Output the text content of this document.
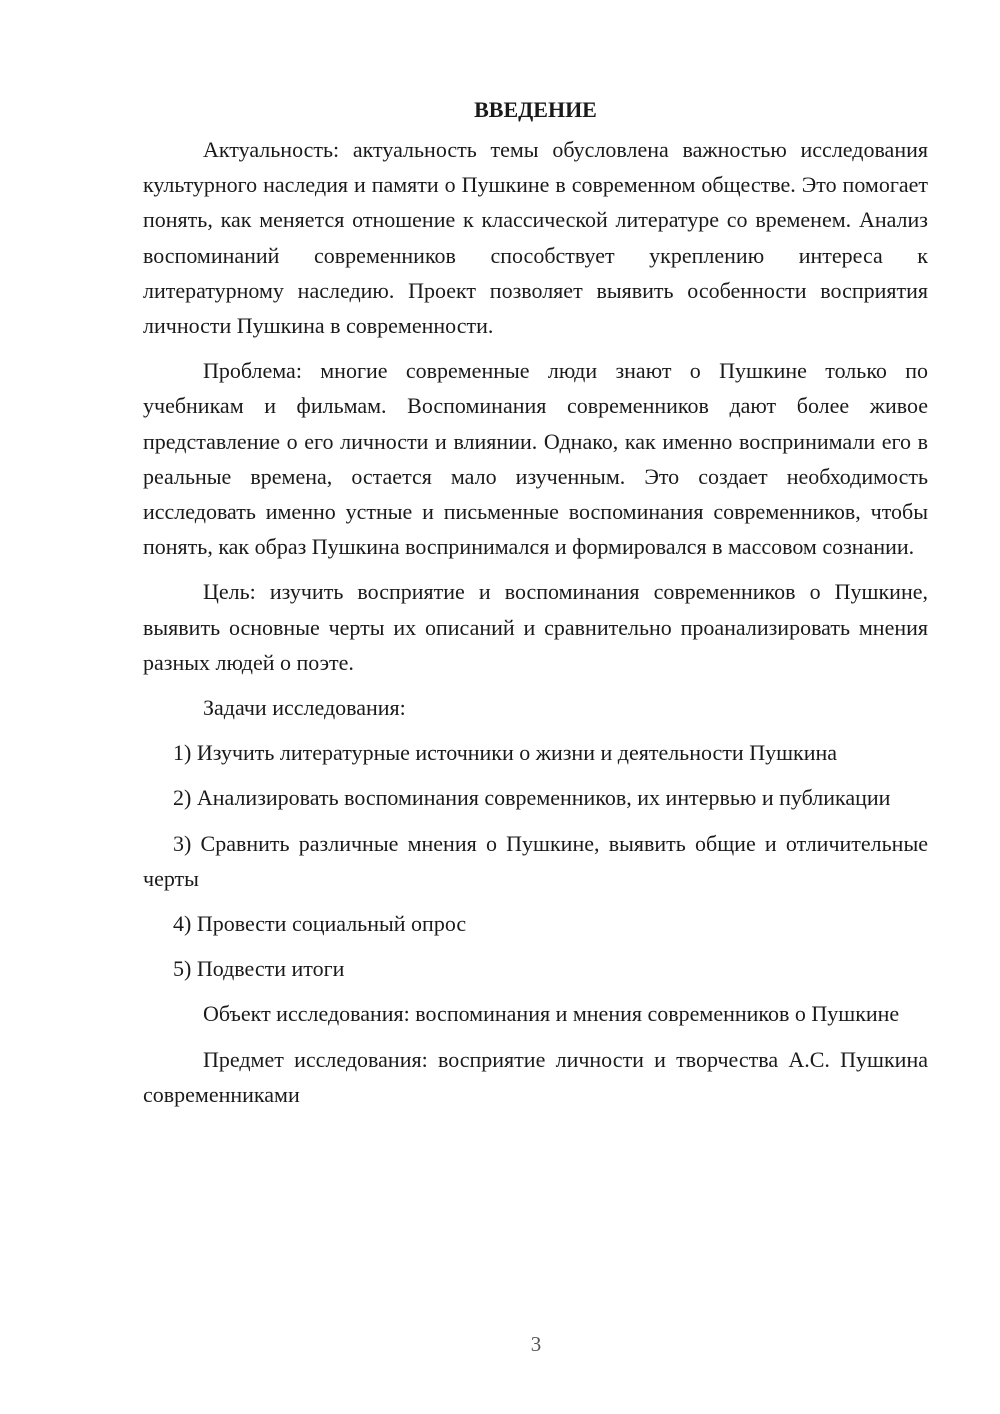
ВВЕДЕНИЕ

Актуальность: актуальность темы обусловлена важностью исследования культурного наследия и памяти о Пушкине в современном обществе. Это помогает понять, как меняется отношение к классической литературе со временем. Анализ воспоминаний современников способствует укреплению интереса к литературному наследию. Проект позволяет выявить особенности восприятия личности Пушкина в современности.

Проблема: многие современные люди знают о Пушкине только по учебникам и фильмам. Воспоминания современников дают более живое представление о его личности и влиянии. Однако, как именно воспринимали его в реальные времена, остается мало изученным. Это создает необходимость исследовать именно устные и письменные воспоминания современников, чтобы понять, как образ Пушкина воспринимался и формировался в массовом сознании.

Цель: изучить восприятие и воспоминания современников о Пушкине, выявить основные черты их описаний и сравнительно проанализировать мнения разных людей о поэте.

Задачи исследования:

1) Изучить литературные источники о жизни и деятельности Пушкина

2) Анализировать воспоминания современников, их интервью и публикации

3) Сравнить различные мнения о Пушкине, выявить общие и отличительные черты

4) Провести социальный опрос

5) Подвести итоги

Объект исследования: воспоминания и мнения современников о Пушкине

Предмет исследования: восприятие личности и творчества А.С. Пушкина современниками

3
